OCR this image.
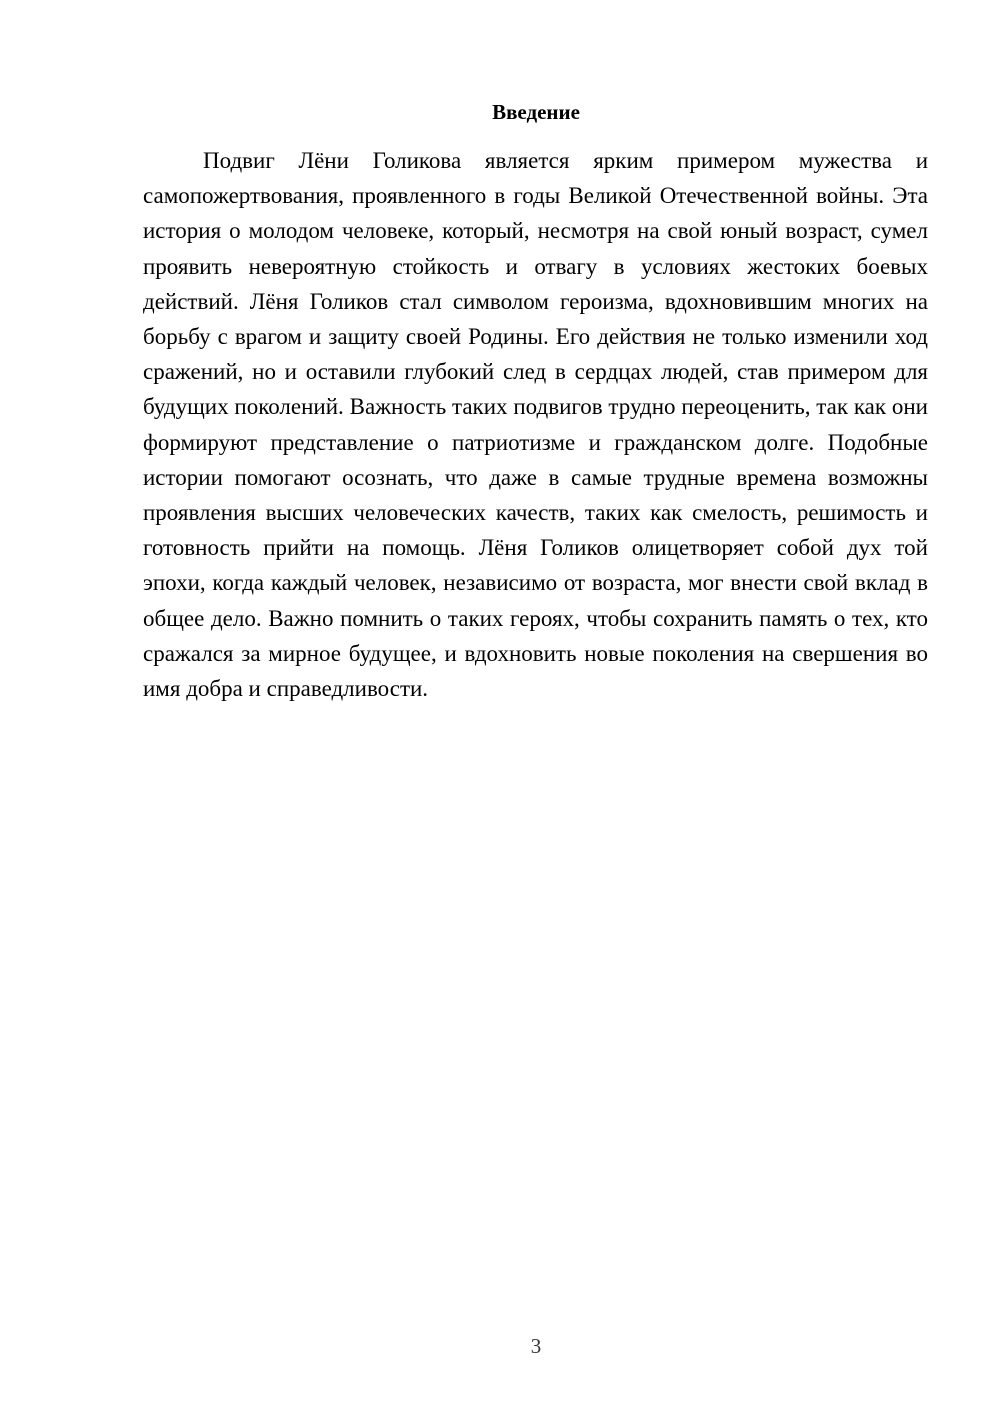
Введение

Подвиг Лёни Голикова является ярким примером мужества и самопожертвования, проявленного в годы Великой Отечественной войны. Эта история о молодом человеке, который, несмотря на свой юный возраст, сумел проявить невероятную стойкость и отвагу в условиях жестоких боевых действий. Лёня Голиков стал символом героизма, вдохновившим многих на борьбу с врагом и защиту своей Родины. Его действия не только изменили ход сражений, но и оставили глубокий след в сердцах людей, став примером для будущих поколений. Важность таких подвигов трудно переоценить, так как они формируют представление о патриотизме и гражданском долге. Подобные истории помогают осознать, что даже в самые трудные времена возможны проявления высших человеческих качеств, таких как смелость, решимость и готовность прийти на помощь. Лёня Голиков олицетворяет собой дух той эпохи, когда каждый человек, независимо от возраста, мог внести свой вклад в общее дело. Важно помнить о таких героях, чтобы сохранить память о тех, кто сражался за мирное будущее, и вдохновить новые поколения на свершения во имя добра и справедливости.

3
